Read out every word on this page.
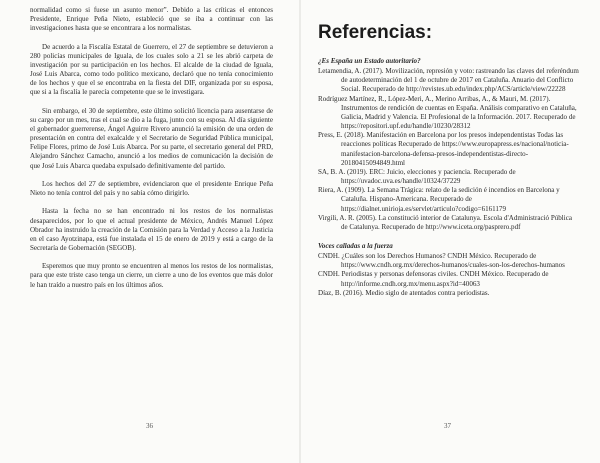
normalidad como si fuese un asunto menor”. Debido a las críticas el entonces Presidente, Enrique Peña Nieto, estableció que se iba a continuar con las investigaciones hasta que se encontrara a los normalistas.

De acuerdo a la Fiscalía Estatal de Guerrero, el 27 de septiembre se detuvieron a 280 policías municipales de Iguala, de los cuales solo a 21 se les abrió carpeta de investigación por su participación en los hechos. El alcalde de la ciudad de Iguala, José Luis Abarca, como todo político mexicano, declaró que no tenía conocimiento de los hechos y que el se encontraba en la fiesta del DIF, organizada por su esposa, que si a la fiscalía le parecía competente que se le investigara.

Sin embargo, el 30 de septiembre, este último solicitó licencia para ausentarse de su cargo por un mes, tras el cual se dio a la fuga, junto con su esposa. Al día siguiente el gobernador guerrerense, Ángel Aguirre Rivero anunció la emisión de una orden de presentación en contra del exalcalde y el Secretario de Seguridad Pública municipal, Felipe Flores, primo de José Luis Abarca. Por su parte, el secretario general del PRD, Alejandro Sánchez Camacho, anunció a los medios de comunicación la decisión de que José Luis Abarca quedaba expulsado definitivamente del partido.

Los hechos del 27 de septiembre, evidenciaron que el presidente Enrique Peña Nieto no tenía control del país y no sabía cómo dirigirlo.

Hasta la fecha no se han encontrado ni los restos de los normalistas desaparecidos, por lo que el actual presidente de México, Andrés Manuel López Obrador ha instruido la creación de la Comisión para la Verdad y Acceso a la Justicia en el caso Ayotzinapa, está fue instalada el 15 de enero de 2019 y está a cargo de la Secretaría de Gobernación (SEGOB).

Esperemos que muy pronto se encuentren al menos los restos de los normalistas, para que este triste caso tenga un cierre, un cierre a uno de los eventos que más dolor le han traído a nuestro país en los últimos años.

36
Referencias:
¿Es España un Estado autoritario?

Letamendia, A. (2017). Movilización, represión y voto: rastreando las claves del referéndum de autodeterminación del 1 de octubre de 2017 en Cataluña. Anuario del Conflicto Social. Recuperado de http://revistes.ub.edu/index.php/ACS/article/view/22228

Rodríguez Martínez, R., López-Meri, A., Merino Arribas, A., & Mauri, M. (2017). Instrumentos de rendición de cuentas en España. Análisis comparativo en Cataluña, Galicia, Madrid y Valencia. El Profesional de la Información. 2017. Recuperado de https://repositori.upf.edu/handle/10230/28312

Press, E. (2018). Manifestación en Barcelona por los presos independentistas Todas las reacciones políticas Recuperado de https://www.europapress.es/nacional/noticia-manifestacion-barcelona-defensa-presos-independentistas-directo-20180415094849.html

SA, B. A. (2019). ERC: Juicio, elecciones y paciencia. Recuperado de https://uvadoc.uva.es/handle/10324/37229

Riera, A. (1909). La Semana Trágica: relato de la sedición é incendios en Barcelona y Cataluña. Hispano-Americana. Recuperado de https://dialnet.unirioja.es/servlet/articulo?codigo=6161179

Virgili, A. R. (2005). La constitució interior de Catalunya. Escola d'Administració Pública de Catalunya. Recuperado de http://www.iceta.org/pasprero.pdf

Voces calladas a la fuerza

CNDH. ¿Cuáles son los Derechos Humanos? CNDH México. Recuperado de https://www.cndh.org.mx/derechos-humanos/cuales-son-los-derechos-humanos

CNDH. Periodistas y personas defensoras civiles. CNDH México. Recuperado de http://informe.cndh.org.mx/menu.aspx?id=40063

Díaz, B. (2016). Medio siglo de atentados contra periodistas.

37
